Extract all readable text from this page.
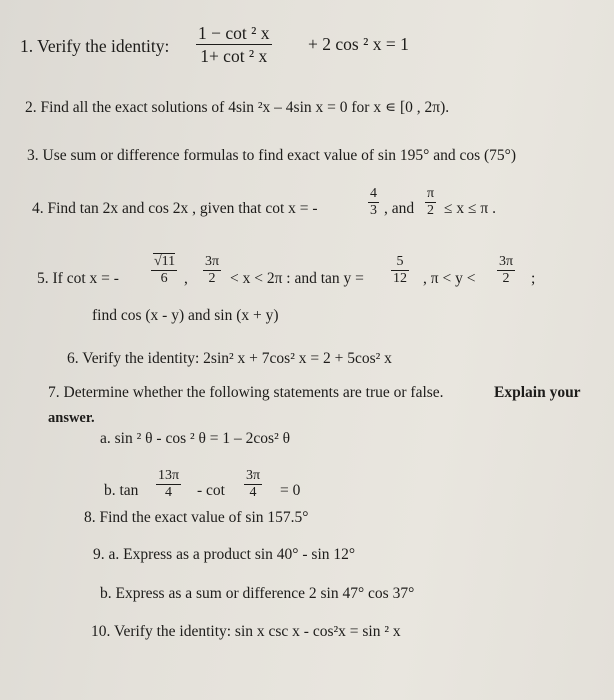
1. Verify the identity: $\frac{\text{1 − cot ² x}}{\text{1+ cot ² x}} + 2$ cos ² x = 1
2. Find all the exact solutions of 4sin ²x – 4sin x = 0 for x ∊ [0 , 2π).
3. Use sum or difference formulas to find exact value of sin 195° and cos (75°)
4. Find tan 2x and cos 2x , given that cot x = -	$\frac{4}{3}$ , and $\frac{\pi}{2} \le x \le \pi$ .
5. If cot x = - $\frac{√11}{6}$ , $\frac{3\pi}{2} < x < 2\pi$ : and $\tan y = \frac{5}{12}$ , $\pi < y < \frac{3\pi}{2}$ ;
find cos (x - y) and sin (x + y)
6. Verify the identity: 2sin² x + 7cos² x = 2 + 5cos² x
7. Determine whether the following statements are true or false.	Explain your
answer.
a. sin ² θ - cos ² θ = 1 – 2cos² θ
b. $\tan \frac{13\pi}{4} - \cot \frac{3\pi}{4} = 0$
8. Find the exact value of sin 157.5°
9. a. Express as a product sin 40° - sin 12°
b. Express as a sum or difference 2 sin 47° cos 37°
10. Verify the identity: sin x csc x - cos²x = sin ² x
